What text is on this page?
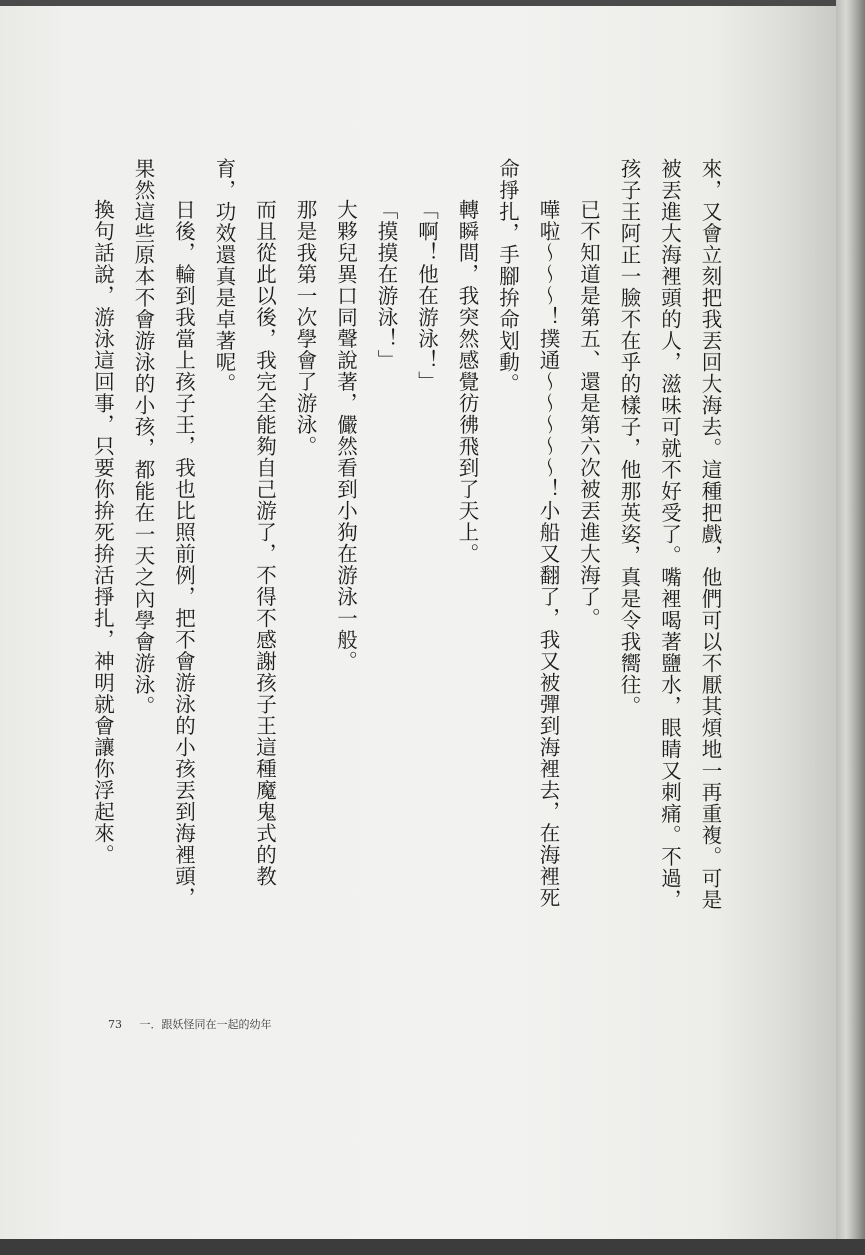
來，又會立刻把我丟回大海去。這種把戲，他們可以不厭其煩地一再重複。可是

被丟進大海裡頭的人，滋味可就不好受了。嘴裡喝著鹽水，眼睛又刺痛。不過，

孩子王阿正一臉不在乎的樣子，他那英姿，真是令我嚮往。

已不知道是第五、還是第六次被丟進大海了。

嘩啦～～～！撲通～～～～～！小船又翻了，我又被彈到海裡去，在海裡死命掙扎，手腳拚命划動。

轉瞬間，我突然感覺彷彿飛到了天上。

「啊！他在游泳！」

「摸摸在游泳！」

大夥兒異口同聲說著，儼然看到小狗在游泳一般。

那是我第一次學會了游泳。

而且從此以後，我完全能夠自己游了，不得不感謝孩子王這種魔鬼式的教育，功效還真是卓著呢。

日後，輪到我當上孩子王，我也比照前例，把不會游泳的小孩丟到海裡頭，果然這些原本不會游泳的小孩，都能在一天之內學會游泳。

換句話說，游泳這回事，只要你拚死拚活掙扎，神明就會讓你浮起來。

73 一．跟妖怪同在一起的幼年
